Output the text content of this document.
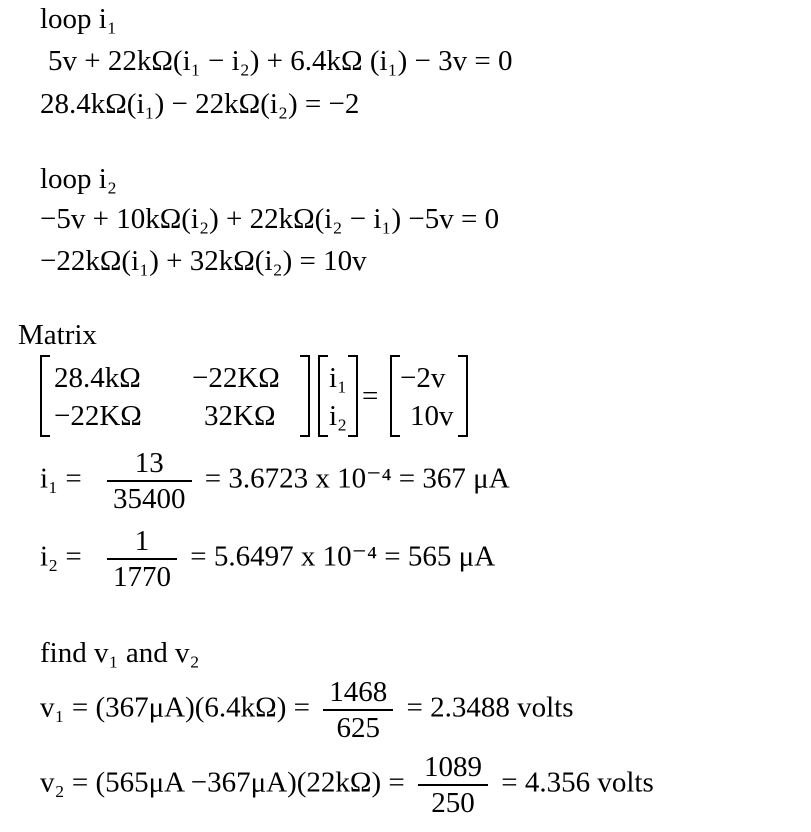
loop i₁
5v + 22kΩ(i₁ − i₂) + 6.4kΩ (i₁) − 3v = 0
28.4kΩ(i₁) − 22kΩ(i₂) = −2
loop i₂
−5v + 10kΩ(i₂) + 22kΩ(i₂ − i₁) −5v = 0
−22kΩ(i₁) + 32kΩ(i₂) = 10v
Matrix
28.4kΩ −22KΩ
−22KΩ 32KΩ
i₁
i₂
=
−2v
10v
$i_1 = \frac{13}{35400} = 3.6723$ x 10⁻⁴ = 367 μA
$i_2 = \frac{1}{1770} = 5.6497$ x 10⁻⁴ = 565 μA
find v₁ and v₂
$v_1 = (367\mu A)(6.4k\Omega) = \frac{1468}{625} = 2.3488$ volts
$v_2 = (565\mu A -367\mu A)(22k\Omega) = \frac{1089}{250} = 4.356$ volts
